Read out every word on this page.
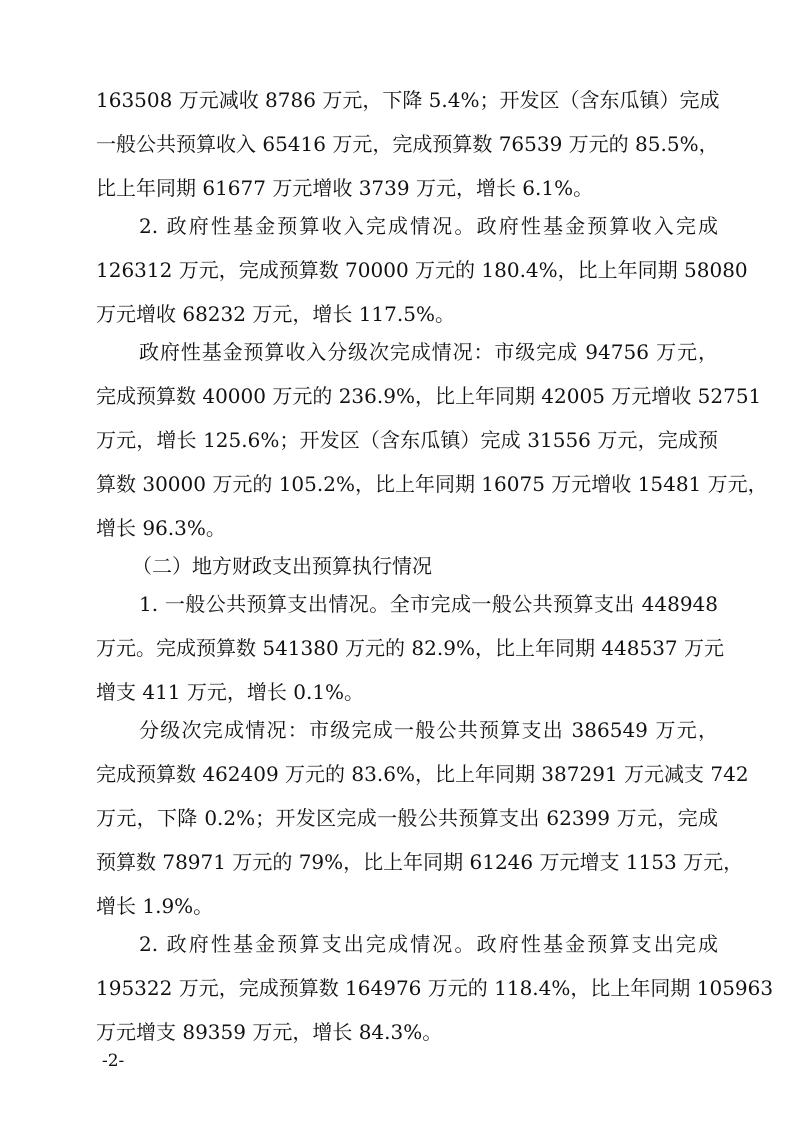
163508 万元减收 8786 万元，下降 5.4%；开发区（含东瓜镇）完成
一般公共预算收入 65416 万元，完成预算数 76539 万元的 85.5%，
比上年同期 61677 万元增收 3739 万元，增长 6.1%。
2. 政府性基金预算收入完成情况。政府性基金预算收入完成
126312 万元，完成预算数 70000 万元的 180.4%，比上年同期 58080
万元增收 68232 万元，增长 117.5%。
政府性基金预算收入分级次完成情况：市级完成 94756 万元，
完成预算数 40000 万元的 236.9%，比上年同期 42005 万元增收 52751
万元，增长 125.6%；开发区（含东瓜镇）完成 31556 万元，完成预
算数 30000 万元的 105.2%，比上年同期 16075 万元增收 15481 万元，
增长 96.3%。
（二）地方财政支出预算执行情况
1. 一般公共预算支出情况。全市完成一般公共预算支出 448948
万元。完成预算数 541380 万元的 82.9%，比上年同期 448537 万元
增支 411 万元，增长 0.1%。
分级次完成情况：市级完成一般公共预算支出 386549 万元，
完成预算数 462409 万元的 83.6%，比上年同期 387291 万元减支 742
万元，下降 0.2%；开发区完成一般公共预算支出 62399 万元，完成
预算数 78971 万元的 79%，比上年同期 61246 万元增支 1153 万元，
增长 1.9%。
-2-
2. 政府性基金预算支出完成情况。政府性基金预算支出完成
195322 万元，完成预算数 164976 万元的 118.4%，比上年同期 105963
万元增支 89359 万元，增长 84.3%。
